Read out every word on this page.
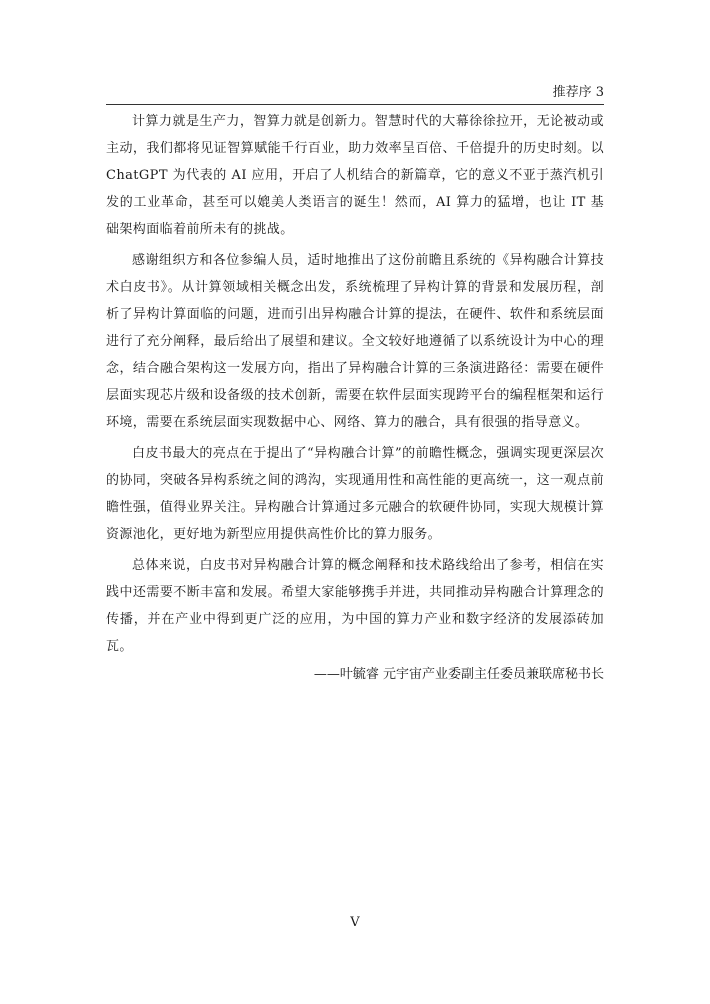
推荐序 3

计算力就是生产力，智算力就是创新力。智慧时代的大幕徐徐拉开，无论被动或主动，我们都将见证智算赋能千行百业，助力效率呈百倍、千倍提升的历史时刻。以 ChatGPT 为代表的 AI 应用，开启了人机结合的新篇章，它的意义不亚于蒸汽机引发的工业革命，甚至可以媲美人类语言的诞生！然而，AI 算力的猛增，也让 IT 基础架构面临着前所未有的挑战。

感谢组织方和各位参编人员，适时地推出了这份前瞻且系统的《异构融合计算技术白皮书》。从计算领域相关概念出发，系统梳理了异构计算的背景和发展历程，剖析了异构计算面临的问题，进而引出异构融合计算的提法，在硬件、软件和系统层面进行了充分阐释，最后给出了展望和建议。全文较好地遵循了以系统设计为中心的理念，结合融合架构这一发展方向，指出了异构融合计算的三条演进路径：需要在硬件层面实现芯片级和设备级的技术创新，需要在软件层面实现跨平台的编程框架和运行环境，需要在系统层面实现数据中心、网络、算力的融合，具有很强的指导意义。

白皮书最大的亮点在于提出了“异构融合计算”的前瞻性概念，强调实现更深层次的协同，突破各异构系统之间的鸿沟，实现通用性和高性能的更高统一，这一观点前瞻性强，值得业界关注。异构融合计算通过多元融合的软硬件协同，实现大规模计算资源池化，更好地为新型应用提供高性价比的算力服务。

总体来说，白皮书对异构融合计算的概念阐释和技术路线给出了参考，相信在实践中还需要不断丰富和发展。希望大家能够携手并进，共同推动异构融合计算理念的传播，并在产业中得到更广泛的应用，为中国的算力产业和数字经济的发展添砖加瓦。

——叶毓睿 元宇宙产业委副主任委员兼联席秘书长

V
